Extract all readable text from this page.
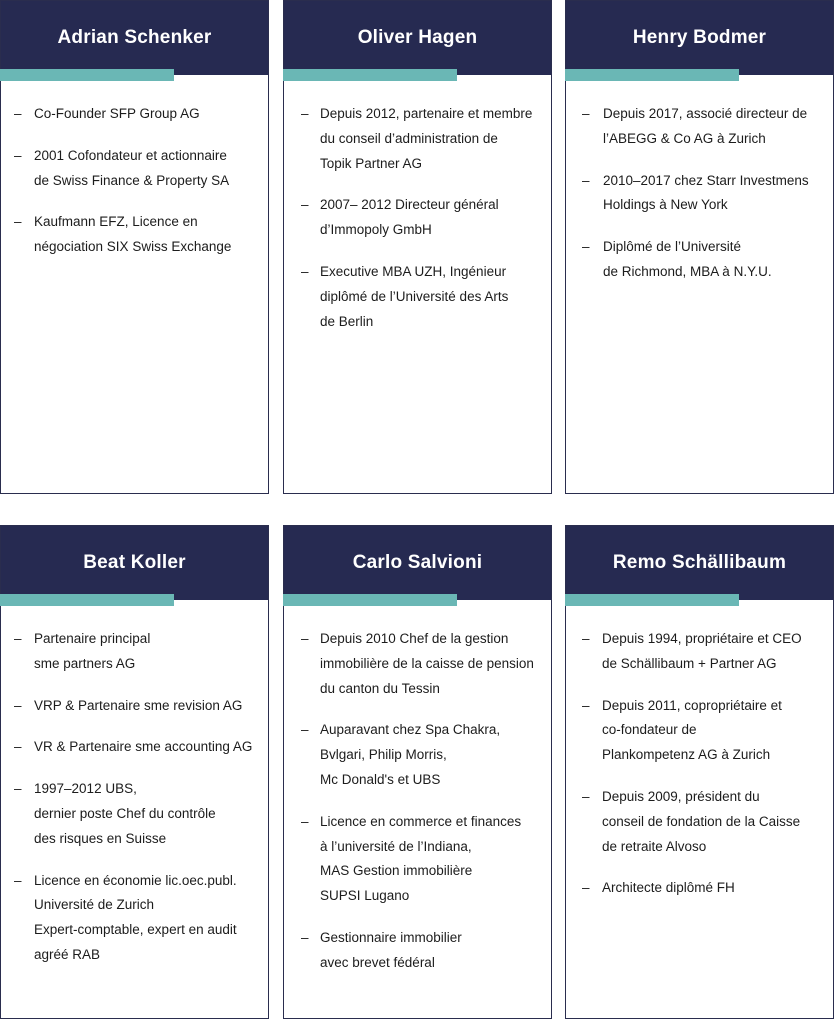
Adrian Schenker
– Co-Founder SFP Group AG
– 2001 Cofondateur et actionnaire
de Swiss Finance & Property SA
– Kaufmann EFZ, Licence en
négociation SIX Swiss Exchange
Oliver Hagen
– Depuis 2012, partenaire et membre
du conseil d’administration de
Topik Partner AG
– 2007– 2012 Directeur général
d’Immopoly GmbH
– Executive MBA UZH, Ingénieur
diplômé de l’Université des Arts
de Berlin
Henry Bodmer
– Depuis 2017, associé directeur de
l’ABEGG & Co AG à Zurich
– 2010–2017 chez Starr Investmens
Holdings à New York
– Diplômé de l’Université
de Richmond, MBA à N.Y.U.
Beat Koller
– Partenaire principal
sme partners AG
– VRP & Partenaire sme revision AG
– VR & Partenaire sme accounting AG
– 1997–2012 UBS,
dernier poste Chef du contrôle
des risques en Suisse
– Licence en économie lic.oec.publ.
Université de Zurich
Expert-comptable, expert en audit
agréé RAB
Carlo Salvioni
– Depuis 2010 Chef de la gestion
immobilière de la caisse de pension
du canton du Tessin
– Auparavant chez Spa Chakra,
Bvlgari, Philip Morris,
Mc Donald's et UBS
– Licence en commerce et finances
à l’université de l’Indiana,
MAS Gestion immobilière
SUPSI Lugano
– Gestionnaire immobilier
avec brevet fédéral
Remo Schällibaum
– Depuis 1994, propriétaire et CEO
de Schällibaum + Partner AG
– Depuis 2011, copropriétaire et
co-fondateur de
Plankompetenz AG à Zurich
– Depuis 2009, président du
conseil de fondation de la Caisse
de retraite Alvoso
– Architecte diplômé FH
